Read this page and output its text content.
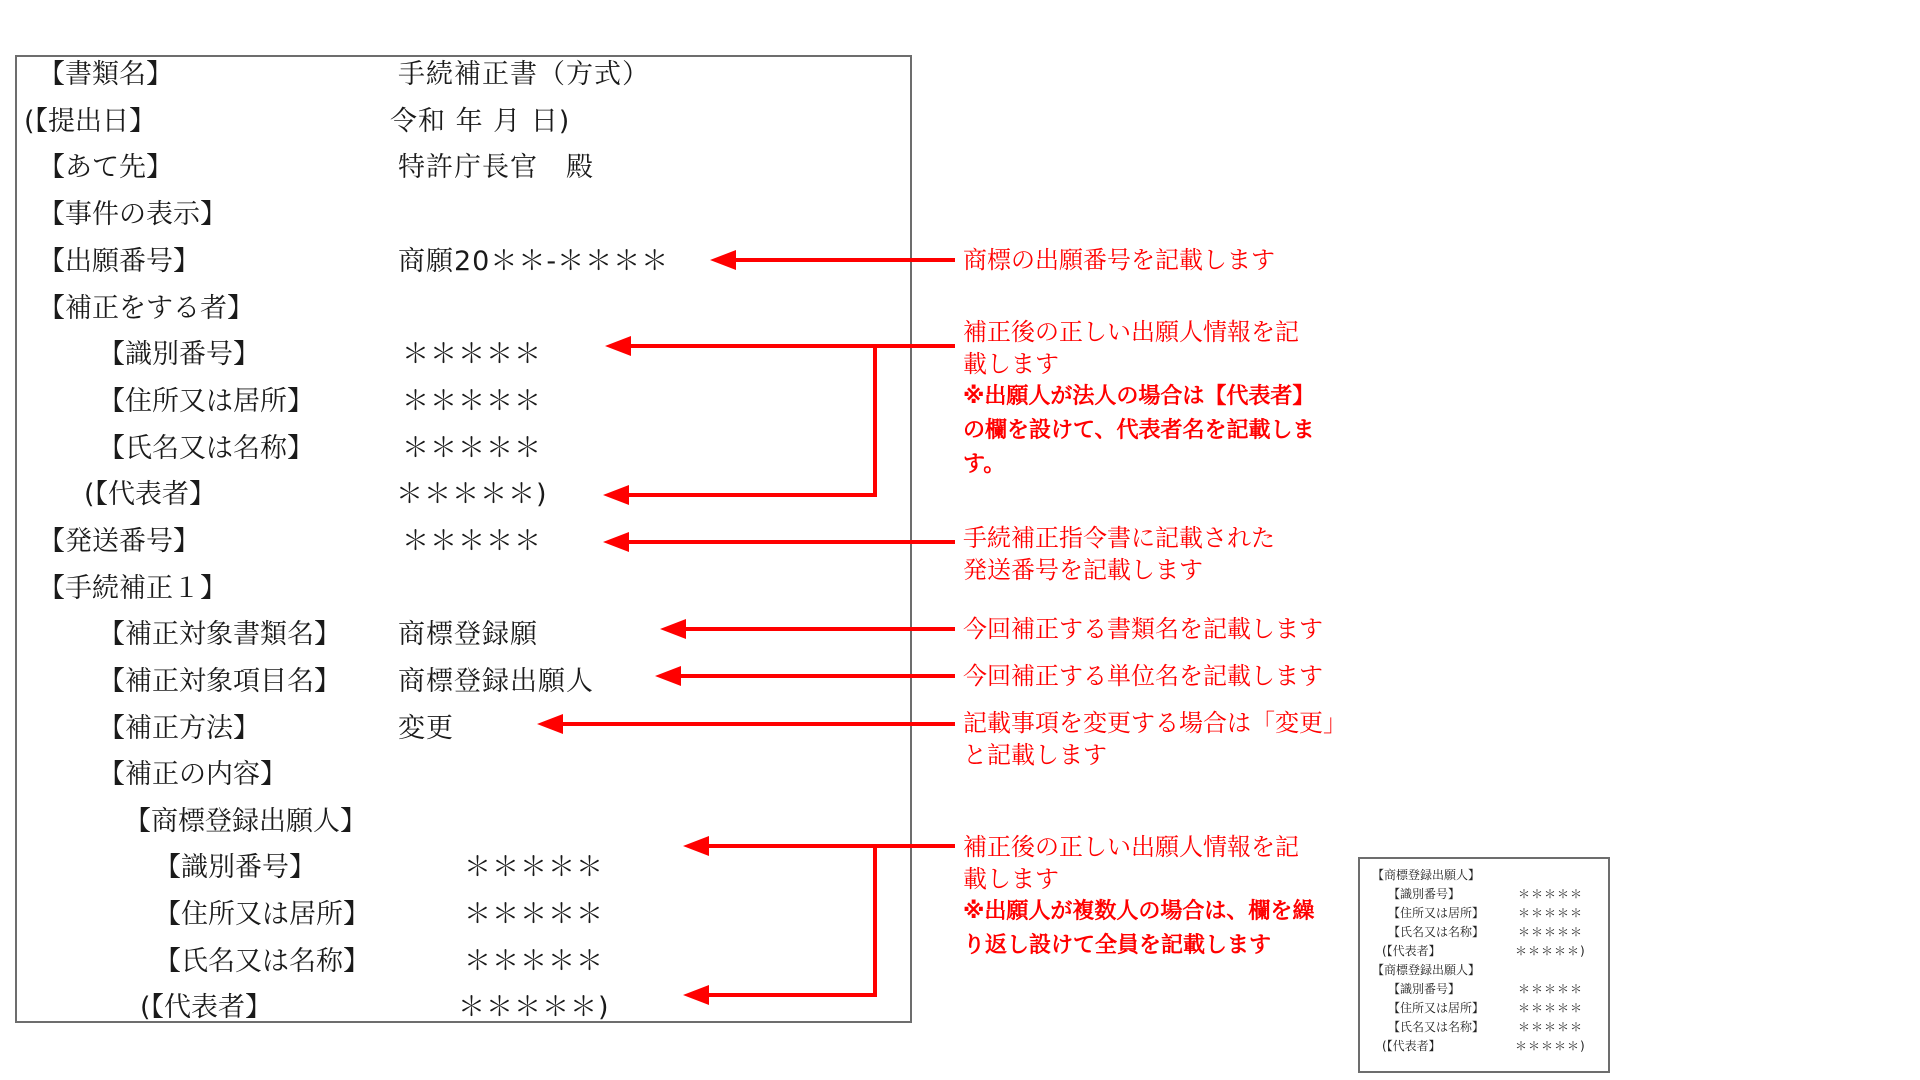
【書類名】	手続補正書（方式）
(【提出日】	令和 年 月 日)
【あて先】	特許庁長官　殿
【事件の表示】
【出願番号】	商願20＊＊-＊＊＊＊
【補正をする者】
【識別番号】	＊＊＊＊＊
【住所又は居所】	＊＊＊＊＊
【氏名又は名称】	＊＊＊＊＊
(【代表者】	＊＊＊＊＊)
【発送番号】	＊＊＊＊＊
【手続補正１】
【補正対象書類名】 商標登録願
【補正対象項目名】 商標登録出願人
【補正方法】	変更
【補正の内容】
【商標登録出願人】
【識別番号】	＊＊＊＊＊
【住所又は居所】	＊＊＊＊＊
【氏名又は名称】	＊＊＊＊＊
(【代表者】	＊＊＊＊＊)
商標の出願番号を記載します
補正後の正しい出願人情報を記
載します
※出願人が法人の場合は【代表者】
の欄を設けて、代表者名を記載しま
す。
手続補正指令書に記載された
発送番号を記載します
今回補正する書類名を記載します
今回補正する単位名を記載します
記載事項を変更する場合は「変更」
と記載します
補正後の正しい出願人情報を記
載します
※出願人が複数人の場合は、欄を繰
り返し設けて全員を記載します
【商標登録出願人】
【識別番号】	＊＊＊＊＊
【住所又は居所】	＊＊＊＊＊
【氏名又は名称】	＊＊＊＊＊
(【代表者】	＊＊＊＊＊)
【商標登録出願人】
【識別番号】	＊＊＊＊＊
【住所又は居所】	＊＊＊＊＊
【氏名又は名称】	＊＊＊＊＊
(【代表者】	＊＊＊＊＊)
